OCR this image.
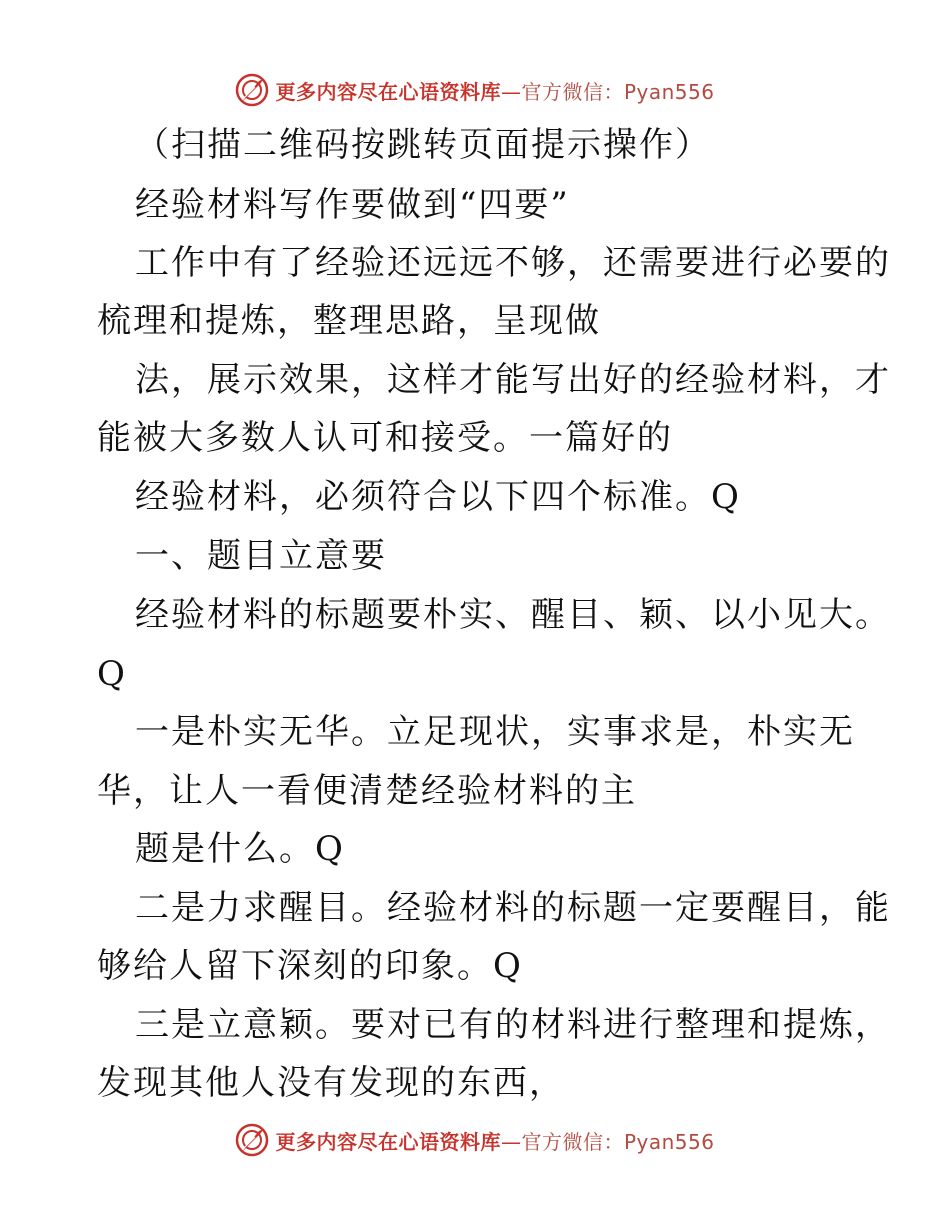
更多内容尽在心语资料库—官方微信：Pyan556
（扫描二维码按跳转页面提示操作）
经验材料写作要做到“四要”
工作中有了经验还远远不够，还需要进行必要的
梳理和提炼，整理思路，呈现做
法，展示效果，这样才能写出好的经验材料，才
能被大多数人认可和接受。一篇好的
经验材料，必须符合以下四个标准。Q
一、题目立意要
经验材料的标题要朴实、醒目、颖、以小见大。
Q
一是朴实无华。立足现状，实事求是，朴实无
华，让人一看便清楚经验材料的主
题是什么。Q
二是力求醒目。经验材料的标题一定要醒目，能
够给人留下深刻的印象。Q
三是立意颖。要对已有的材料进行整理和提炼，
发现其他人没有发现的东西，
更多内容尽在心语资料库—官方微信：Pyan556
